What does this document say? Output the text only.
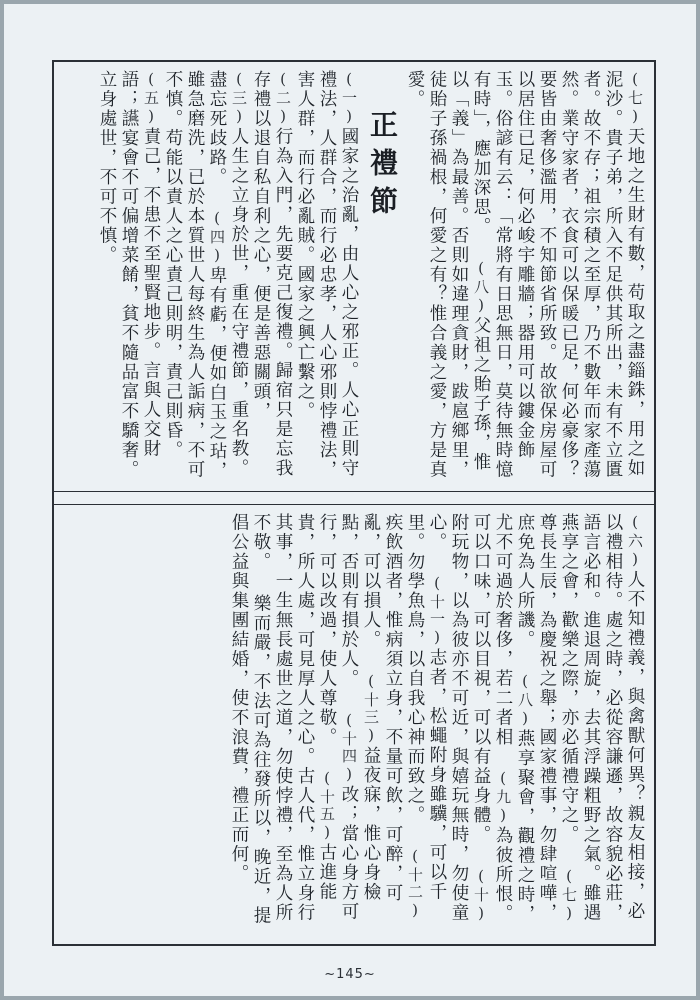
(七)天地之生財有數，苟取之盡錙銖，用之如泥沙。貴子弟，所入不足供其所出，未有不立匱者。故不存；祖宗積之至厚，乃不數年而家產蕩然。業守家者，衣食可以保暖已足，何必豪侈？要皆由奢侈濫用，不知節省所致。故欲保房屋可以居住已足，何必峻宇雕牆；器用可以鏤金飾玉。俗諺有云：「常將有日思無日，莫待無時憶有時」，應加深思。 (八)父祖之貽子孫，惟以「義」為最善。否則如違理貪財，跋扈鄉里，徒貽子孫禍根，何愛之有？惟合義之愛，方是真愛。
正禮節
(一)國家之治亂，由人心之邪正。人心正則守禮法，人群合，而行必忠孝，人心邪則悖禮法，害人群，而行必亂賊。國家之興亡繫之。 (二)行為入門，先要克己復禮。歸宿只是忘我存禮以退自私自利之心，便是善惡關頭， (三)人生之立身於世，重在守禮節，重名教。盡忘死歧路。 (四)卑有虧，便如白玉之玷，雖急磨洗，已於本質世人每終生為人詬病，不可不慎。苟能以責人之心責己則明，責己則昏。 (五)責己，不患不至聖賢地步。言與人交財語；讌宴會不可偏增菜餚，貧不隨品富不驕奢。立身處世，不可不慎。
(六)人不知禮義，與禽獸何異？親友相接，必以禮相待。處之時，必從容謙遜，故容貌必莊，語言必和。進退周旋，去其浮躁粗野之氣。雖遇燕享之會，歡樂之際，亦必循禮守之。 (七)尊長生辰，為慶祝之舉；國家禮事，勿肆喧嘩，庶免為人所譏。 (八)燕享聚會，觀禮之時，尤不可過於奢侈，若二者相 (九)為彼所恨。可以口味，可以目視，可以有益身體。 (十)附玩物，以為彼亦不可近，與嬉玩無時，勿使童心。 (十一)志者，松蠅附身雖驥，可以千里。勿學魚鳥，以自我心神而致之。 (十二)疾飲酒者，惟病須立身，不量可飲，可醉，可亂，可以損人。 (十三)益夜寐，惟心身檢點，否則有損於人。 (十四)改；當心身方可行，可以改過，使人尊敬。 (十五)古進能貴，所人處，可見厚人之心。古人代，惟立身行其事，一生無長處世之道，勿使悖禮，至為人所不敬。 樂而嚴，不法可為往發所以，晚近，提倡公益與集團結婚，使不浪費，禮正而何。
~145~
